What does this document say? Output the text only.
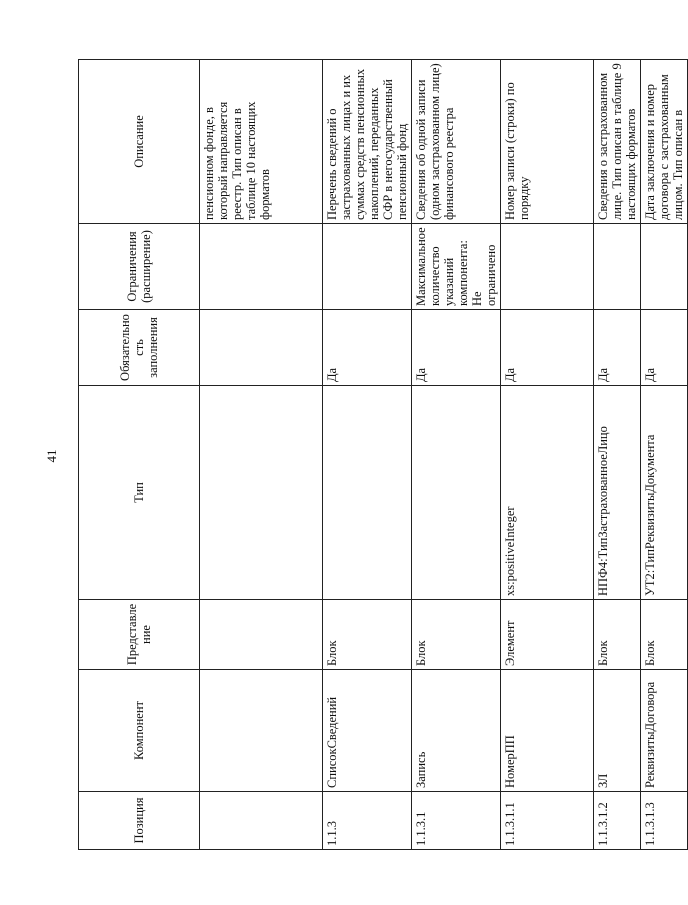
41
Позиция	Компонент	Представление	Тип	Обязательность заполнения	Ограничения (расширение)	Описание
						пенсионном фонде, в который направляется реестр. Тип описан в таблице 10 настоящих форматов
1.1.3	СписокСведений	Блок		Да		Перечень сведений о застрахованных лицах и их суммах средств пенсионных накоплений, переданных СФР в негосударственный пенсионный фонд
1.1.3.1	Запись	Блок		Да	Максимальное количество указаний компонента: Не ограничено	Сведения об одной записи (одном застрахованном лице) финансового реестра
1.1.3.1.1	НомерПП	Элемент	xs:positiveInteger	Да		Номер записи (строки) по порядку
1.1.3.1.2	ЗЛ	Блок	НПФ4:ТипЗастрахованноеЛицо	Да		Сведения о застрахованном лице. Тип описан в таблице 9 настоящих форматов
1.1.3.1.3	РеквизитыДоговора	Блок	УТ2:ТипРеквизитыДокумента	Да		Дата заключения и номер договора с застрахованным лицом. Тип описан в
